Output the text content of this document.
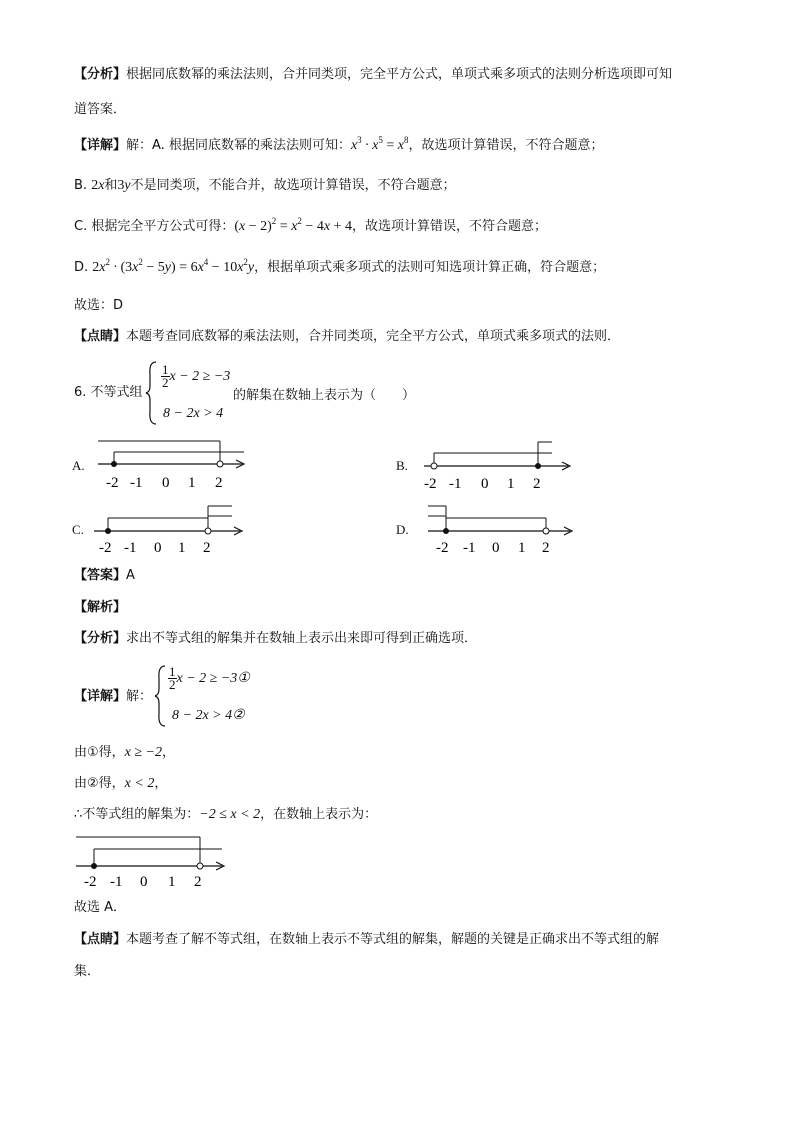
【分析】根据同底数幂的乘法法则，合并同类项，完全平方公式，单项式乘多项式的法则分析选项即可知
道答案．
【详解】解：A. 根据同底数幂的乘法法则可知：$x^3 \cdot x^5 = x^8$，故选项计算错误，不符合题意；
B. 2x和3y不是同类项，不能合并，故选项计算错误，不符合题意；
C. 根据完全平方公式可得：$(x - 2)^2 = x^2 - 4x + 4$，故选项计算错误，不符合题意；
D. $2x^2 \cdot (3x^2 - 5y) = 6x^4 - 10x^2y$，根据单项式乘多项式的法则可知选项计算正确，符合题意；
故选：D
【点睛】本题考查同底数幂的乘法法则，合并同类项，完全平方公式，单项式乘多项式的法则．
6. 不等式组
$\frac{1}{2}$ x − 2 ≥ −3
8 − 2x > 4
的解集在数轴上表示为（　　）
A.
-2 -1 0 1 2
B.
-2 -1 0 1 2
C.
-2 -1 0 1 2
D.
-2 -1 0 1 2
【答案】A
【解析】
【分析】求出不等式组的解集并在数轴上表示出来即可得到正确选项．
【详解】解：
$\frac{1}{2}$ x − 2 ≥ −3①
8 − 2x > 4②
由①得，x ≥ −2，
由②得，x < 2，
∴不等式组的解集为：−2 ≤ x < 2，在数轴上表示为：
-2 -1 0 1 2
故选 A．
【点睛】本题考查了解不等式组，在数轴上表示不等式组的解集，解题的关键是正确求出不等式组的解
集．
